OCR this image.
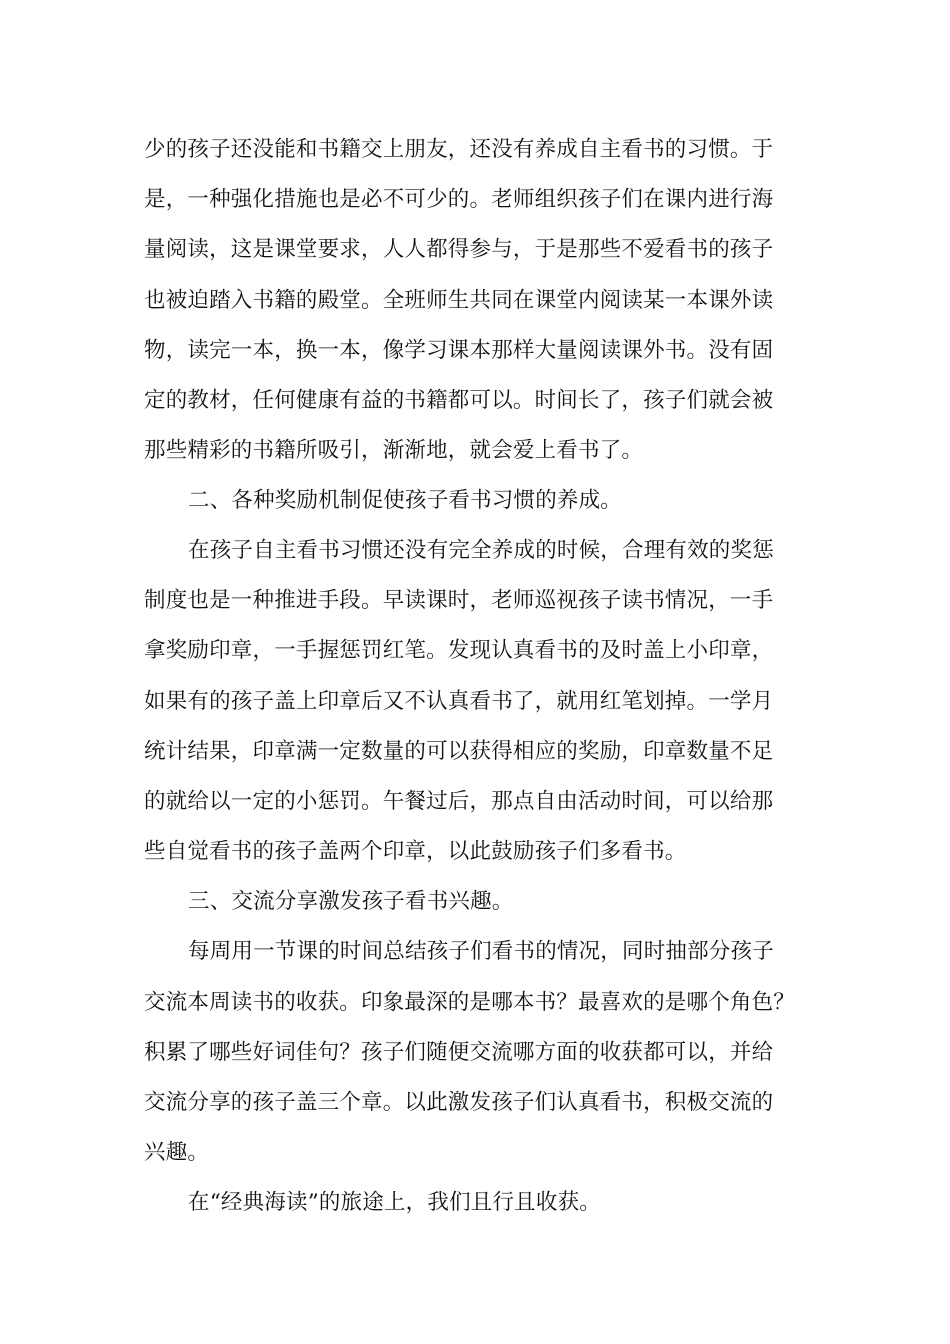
少的孩子还没能和书籍交上朋友，还没有养成自主看书的习惯。于
是，一种强化措施也是必不可少的。老师组织孩子们在课内进行海
量阅读，这是课堂要求，人人都得参与，于是那些不爱看书的孩子
也被迫踏入书籍的殿堂。全班师生共同在课堂内阅读某一本课外读
物，读完一本，换一本，像学习课本那样大量阅读课外书。没有固
定的教材，任何健康有益的书籍都可以。时间长了，孩子们就会被
那些精彩的书籍所吸引，渐渐地，就会爱上看书了。
二、各种奖励机制促使孩子看书习惯的养成。
在孩子自主看书习惯还没有完全养成的时候，合理有效的奖惩
制度也是一种推进手段。早读课时，老师巡视孩子读书情况，一手
拿奖励印章，一手握惩罚红笔。发现认真看书的及时盖上小印章，
如果有的孩子盖上印章后又不认真看书了，就用红笔划掉。一学月
统计结果，印章满一定数量的可以获得相应的奖励，印章数量不足
的就给以一定的小惩罚。午餐过后，那点自由活动时间，可以给那
些自觉看书的孩子盖两个印章，以此鼓励孩子们多看书。
三、交流分享激发孩子看书兴趣。
每周用一节课的时间总结孩子们看书的情况，同时抽部分孩子
交流本周读书的收获。印象最深的是哪本书？最喜欢的是哪个角色？
积累了哪些好词佳句？孩子们随便交流哪方面的收获都可以，并给
交流分享的孩子盖三个章。以此激发孩子们认真看书，积极交流的
兴趣。
在“经典海读”的旅途上，我们且行且收获。
